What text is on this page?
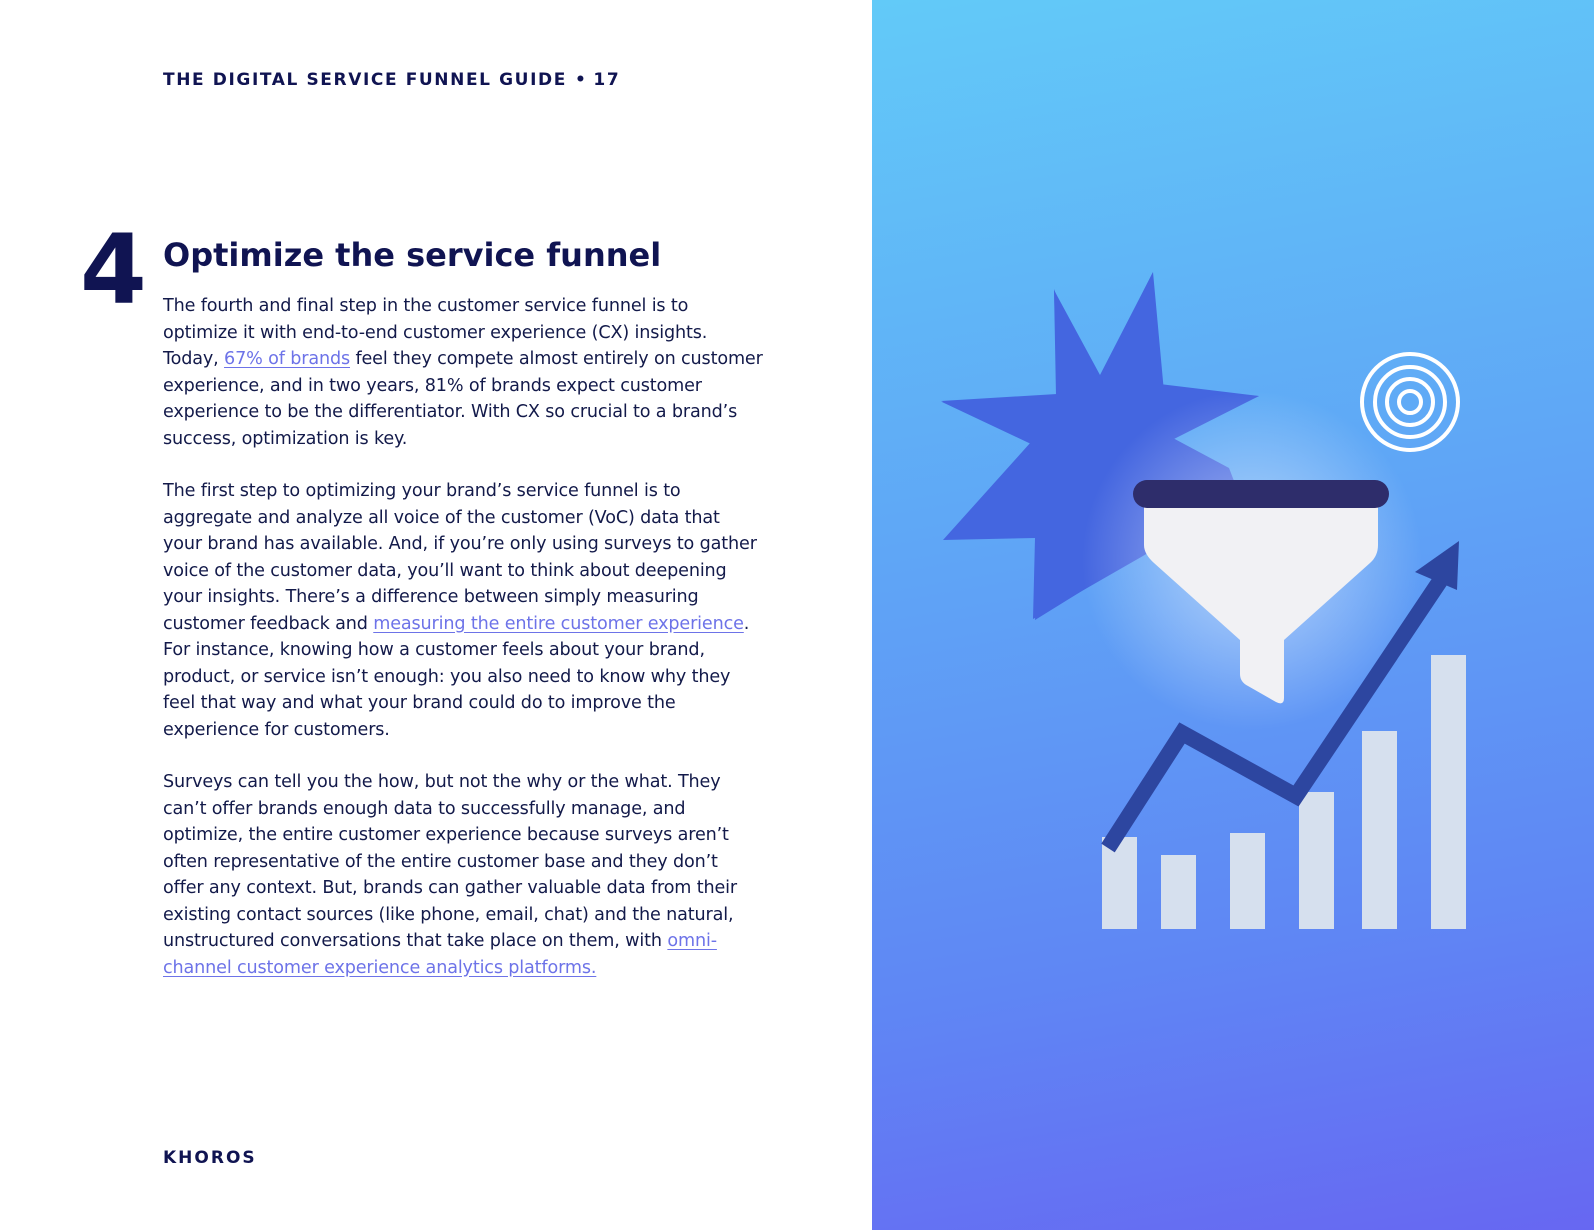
THE DIGITAL SERVICE FUNNEL GUIDE • 17
4 Optimize the service funnel

The fourth and final step in the customer service funnel is to optimize it with end-to-end customer experience (CX) insights. Today, 67% of brands feel they compete almost entirely on customer experience, and in two years, 81% of brands expect customer experience to be the differentiator. With CX so crucial to a brand’s success, optimization is key.

The first step to optimizing your brand’s service funnel is to aggregate and analyze all voice of the customer (VoC) data that your brand has available. And, if you’re only using surveys to gather voice of the customer data, you’ll want to think about deepening your insights. There’s a difference between simply measuring customer feedback and measuring the entire customer experience. For instance, knowing how a customer feels about your brand, product, or service isn’t enough: you also need to know why they feel that way and what your brand could do to improve the experience for customers.

Surveys can tell you the how, but not the why or the what. They can’t offer brands enough data to successfully manage, and optimize, the entire customer experience because surveys aren’t often representative of the entire customer base and they don’t offer any context. But, brands can gather valuable data from their existing contact sources (like phone, email, chat) and the natural, unstructured conversations that take place on them, with omni-channel customer experience analytics platforms.

KHOROS
